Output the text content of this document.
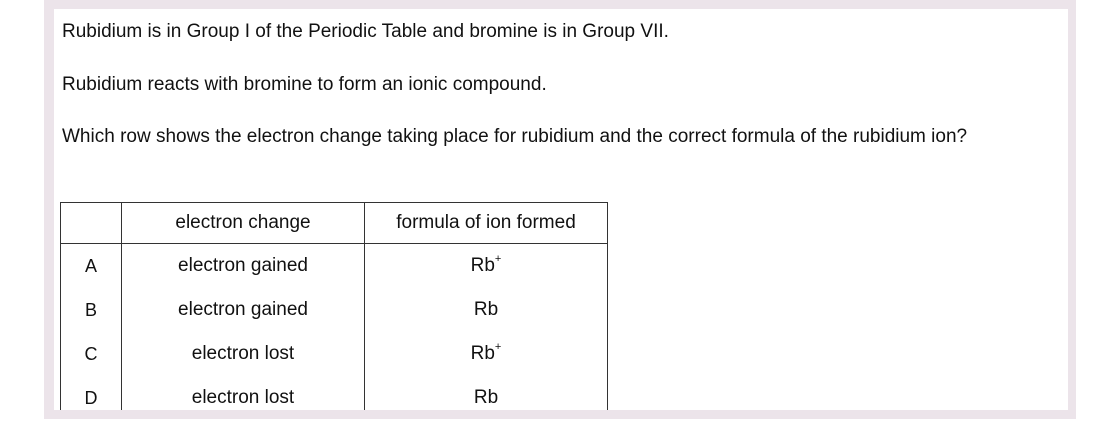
Rubidium is in Group I of the Periodic Table and bromine is in Group VII.

Rubidium reacts with bromine to form an ionic compound.

Which row shows the electron change taking place for rubidium and the correct formula of the rubidium ion?

	electron change	formula of ion formed
A	electron gained	Rb+
B	electron gained	Rb
C	electron lost	Rb+
D	electron lost	Rb
